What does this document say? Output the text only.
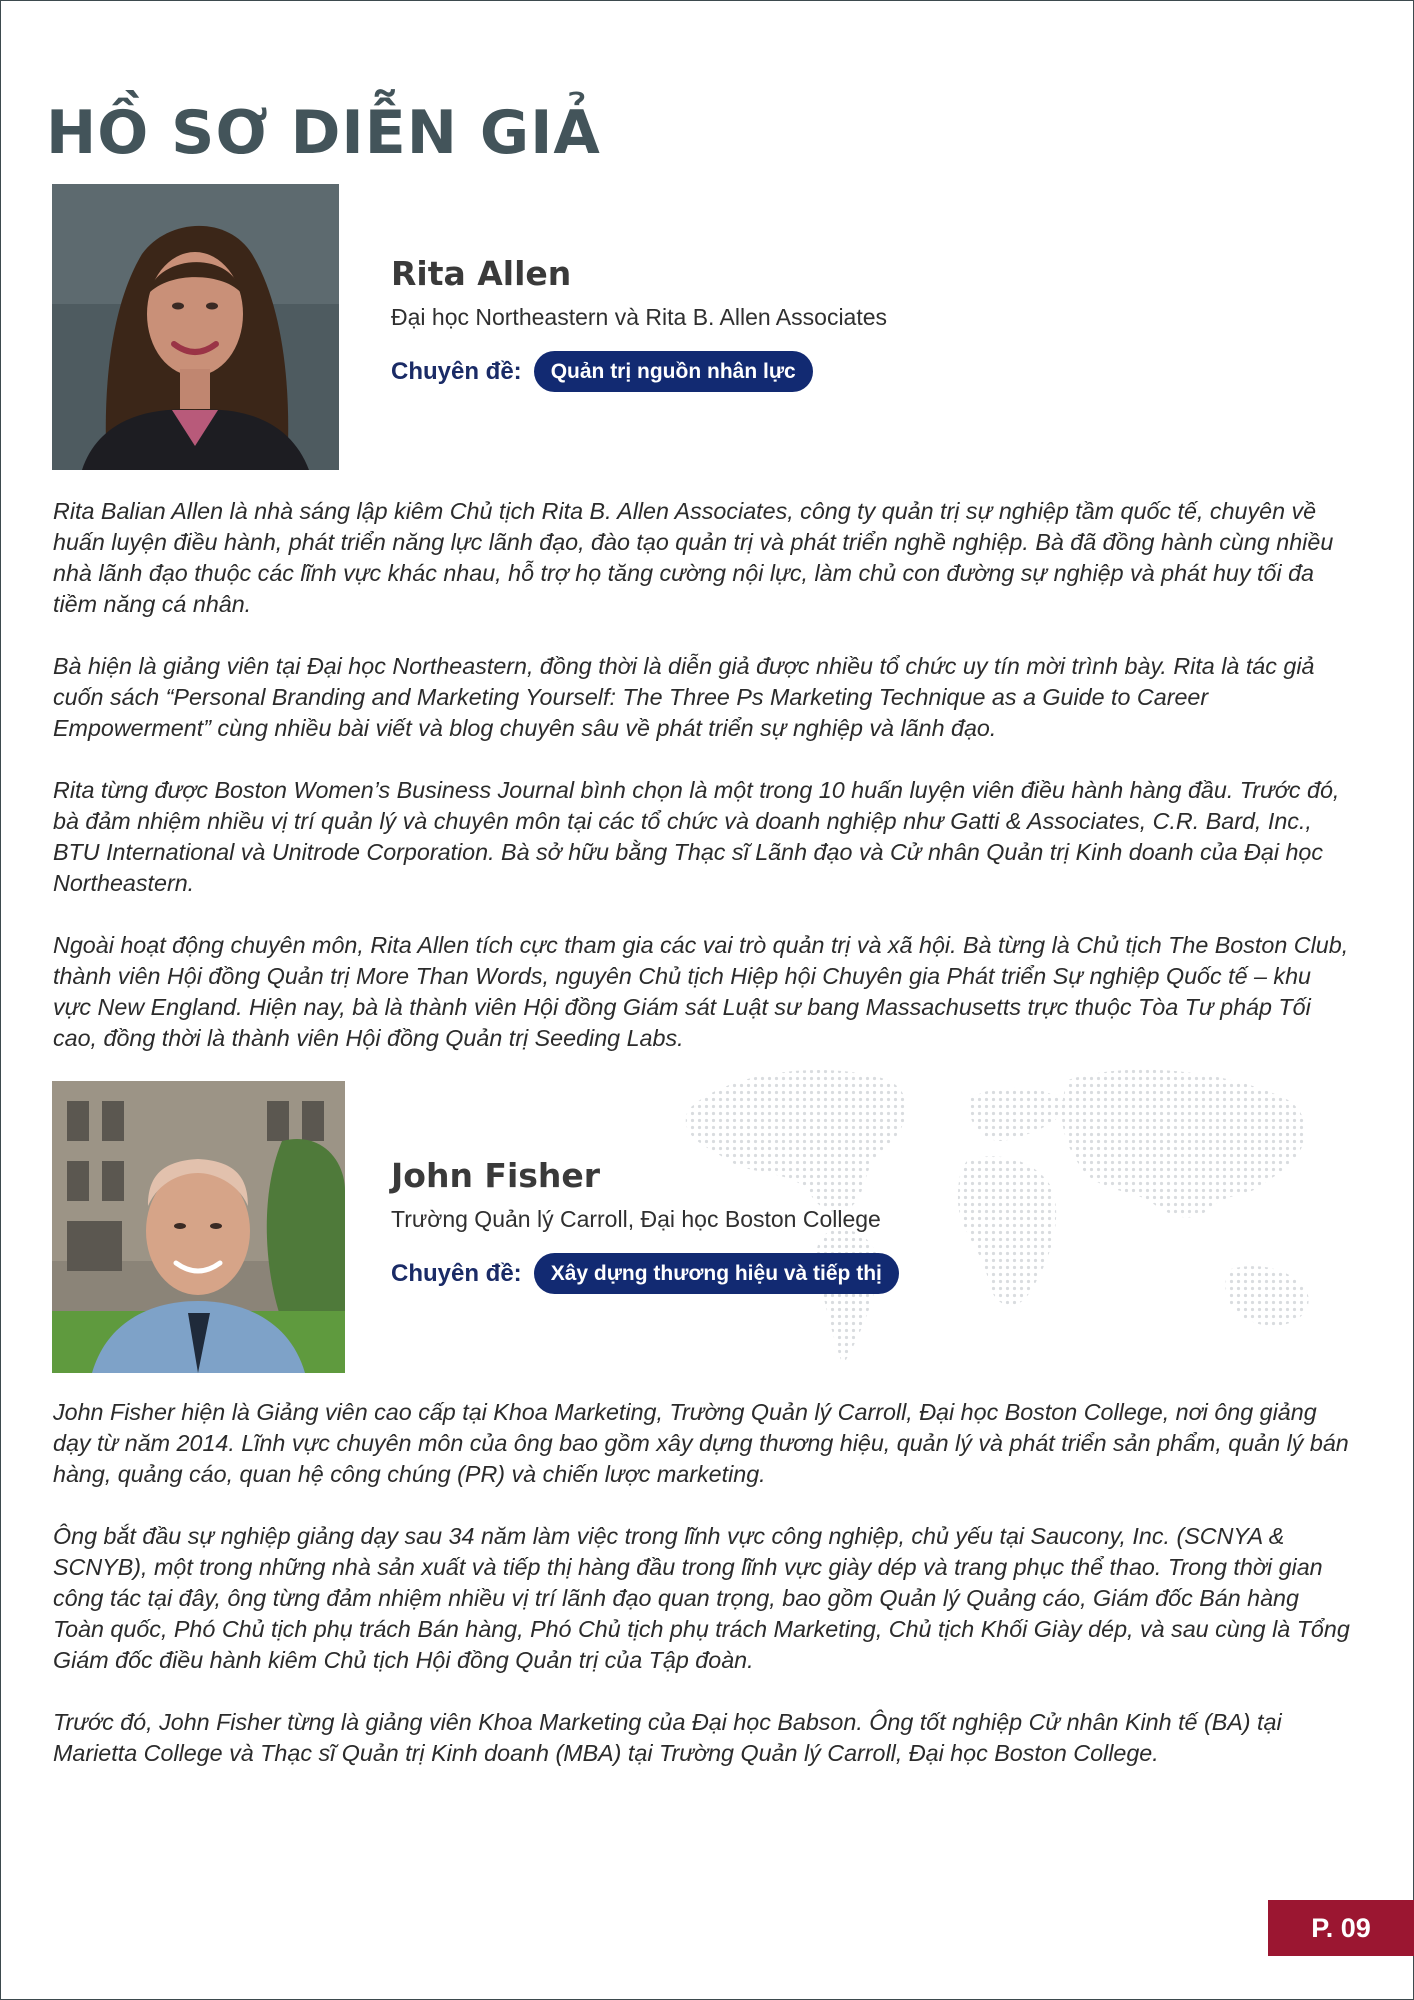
HỒ SƠ DIỄN GIẢ
Rita Allen
Đại học Northeastern và Rita B. Allen Associates
Chuyên đề:	Quản trị nguồn nhân lực

Rita Balian Allen là nhà sáng lập kiêm Chủ tịch Rita B. Allen Associates, công ty quản trị sự nghiệp tầm quốc tế, chuyên về huấn luyện điều hành, phát triển năng lực lãnh đạo, đào tạo quản trị và phát triển nghề nghiệp. Bà đã đồng hành cùng nhiều nhà lãnh đạo thuộc các lĩnh vực khác nhau, hỗ trợ họ tăng cường nội lực, làm chủ con đường sự nghiệp và phát huy tối đa tiềm năng cá nhân.

Bà hiện là giảng viên tại Đại học Northeastern, đồng thời là diễn giả được nhiều tổ chức uy tín mời trình bày. Rita là tác giả cuốn sách “Personal Branding and Marketing Yourself: The Three Ps Marketing Technique as a Guide to Career Empowerment” cùng nhiều bài viết và blog chuyên sâu về phát triển sự nghiệp và lãnh đạo.

Rita từng được Boston Women’s Business Journal bình chọn là một trong 10 huấn luyện viên điều hành hàng đầu. Trước đó, bà đảm nhiệm nhiều vị trí quản lý và chuyên môn tại các tổ chức và doanh nghiệp như Gatti & Associates, C.R. Bard, Inc., BTU International và Unitrode Corporation. Bà sở hữu bằng Thạc sĩ Lãnh đạo và Cử nhân Quản trị Kinh doanh của Đại học Northeastern.

Ngoài hoạt động chuyên môn, Rita Allen tích cực tham gia các vai trò quản trị và xã hội. Bà từng là Chủ tịch The Boston Club, thành viên Hội đồng Quản trị More Than Words, nguyên Chủ tịch Hiệp hội Chuyên gia Phát triển Sự nghiệp Quốc tế – khu vực New England. Hiện nay, bà là thành viên Hội đồng Giám sát Luật sư bang Massachusetts trực thuộc Tòa Tư pháp Tối cao, đồng thời là thành viên Hội đồng Quản trị Seeding Labs.

John Fisher
Trường Quản lý Carroll, Đại học Boston College
Chuyên đề:	Xây dựng thương hiệu và tiếp thị

John Fisher hiện là Giảng viên cao cấp tại Khoa Marketing, Trường Quản lý Carroll, Đại học Boston College, nơi ông giảng dạy từ năm 2014. Lĩnh vực chuyên môn của ông bao gồm xây dựng thương hiệu, quản lý và phát triển sản phẩm, quản lý bán hàng, quảng cáo, quan hệ công chúng (PR) và chiến lược marketing.

Ông bắt đầu sự nghiệp giảng dạy sau 34 năm làm việc trong lĩnh vực công nghiệp, chủ yếu tại Saucony, Inc. (SCNYA & SCNYB), một trong những nhà sản xuất và tiếp thị hàng đầu trong lĩnh vực giày dép và trang phục thể thao. Trong thời gian công tác tại đây, ông từng đảm nhiệm nhiều vị trí lãnh đạo quan trọng, bao gồm Quản lý Quảng cáo, Giám đốc Bán hàng Toàn quốc, Phó Chủ tịch phụ trách Bán hàng, Phó Chủ tịch phụ trách Marketing, Chủ tịch Khối Giày dép, và sau cùng là Tổng Giám đốc điều hành kiêm Chủ tịch Hội đồng Quản trị của Tập đoàn.

Trước đó, John Fisher từng là giảng viên Khoa Marketing của Đại học Babson. Ông tốt nghiệp Cử nhân Kinh tế (BA) tại Marietta College và Thạc sĩ Quản trị Kinh doanh (MBA) tại Trường Quản lý Carroll, Đại học Boston College.

P. 09
